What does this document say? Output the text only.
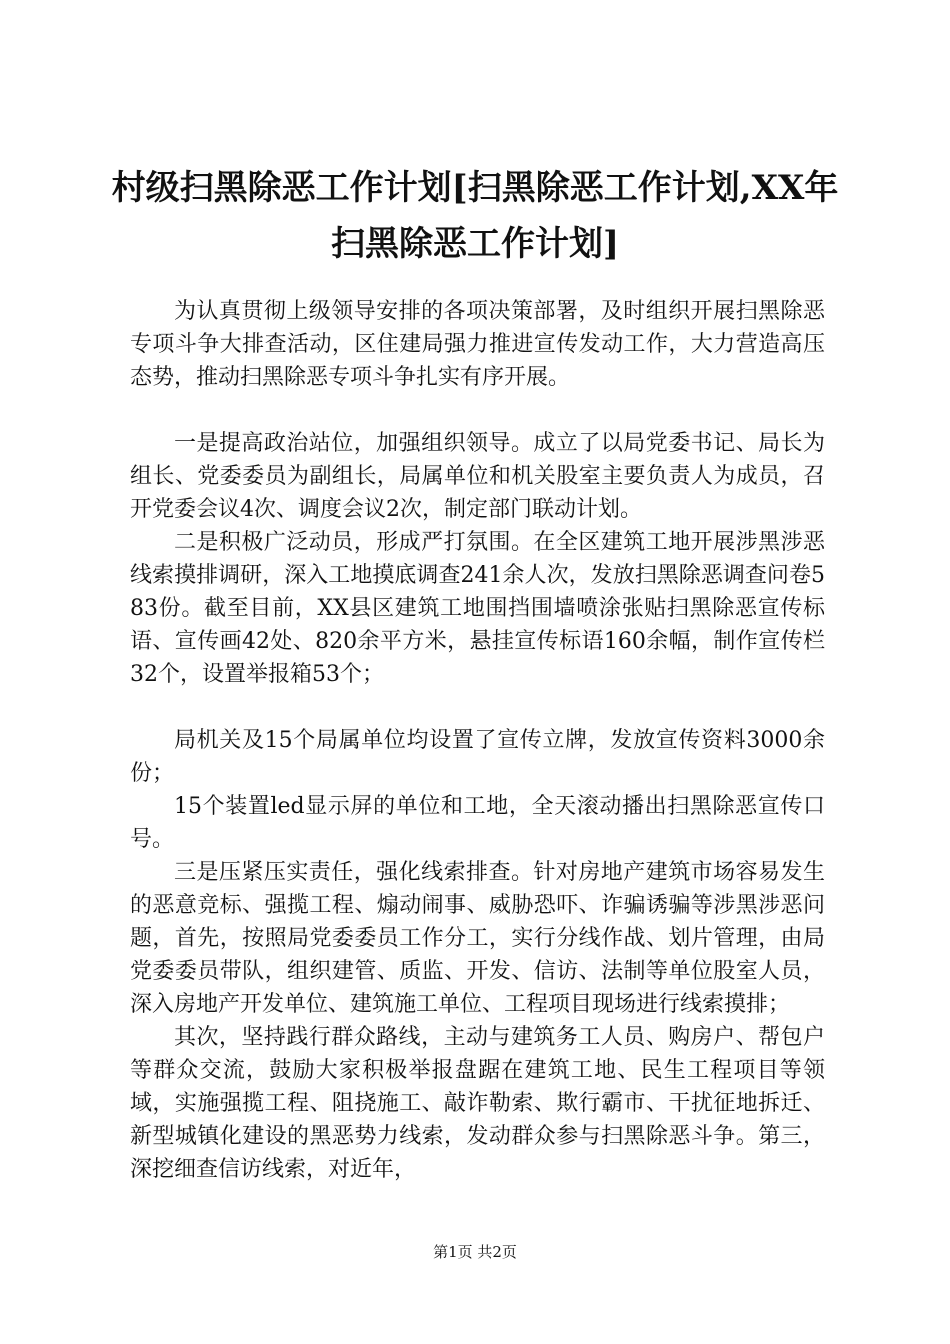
村级扫黑除恶工作计划[扫黑除恶工作计划,XX年扫黑除恶工作计划]

为认真贯彻上级领导安排的各项决策部署，及时组织开展扫黑除恶专项斗争大排查活动，区住建局强力推进宣传发动工作，大力营造高压态势，推动扫黑除恶专项斗争扎实有序开展。

一是提高政治站位，加强组织领导。成立了以局党委书记、局长为组长、党委委员为副组长，局属单位和机关股室主要负责人为成员，召开党委会议4次、调度会议2次，制定部门联动计划。

二是积极广泛动员，形成严打氛围。在全区建筑工地开展涉黑涉恶线索摸排调研，深入工地摸底调查241余人次，发放扫黑除恶调查问卷583份。截至目前，XX县区建筑工地围挡围墙喷涂张贴扫黑除恶宣传标语、宣传画42处、820余平方米，悬挂宣传标语160余幅，制作宣传栏32个，设置举报箱53个；

局机关及15个局属单位均设置了宣传立牌，发放宣传资料3000余份；

15个装置led显示屏的单位和工地，全天滚动播出扫黑除恶宣传口号。

三是压紧压实责任，强化线索排查。针对房地产建筑市场容易发生的恶意竞标、强揽工程、煽动闹事、威胁恐吓、诈骗诱骗等涉黑涉恶问题，首先，按照局党委委员工作分工，实行分线作战、划片管理，由局党委委员带队，组织建管、质监、开发、信访、法制等单位股室人员，深入房地产开发单位、建筑施工单位、工程项目现场进行线索摸排；

其次，坚持践行群众路线，主动与建筑务工人员、购房户、帮包户等群众交流，鼓励大家积极举报盘踞在建筑工地、民生工程项目等领域，实施强揽工程、阻挠施工、敲诈勒索、欺行霸市、干扰征地拆迁、新型城镇化建设的黑恶势力线索，发动群众参与扫黑除恶斗争。第三，深挖细查信访线索，对近年，

第1页 共2页
